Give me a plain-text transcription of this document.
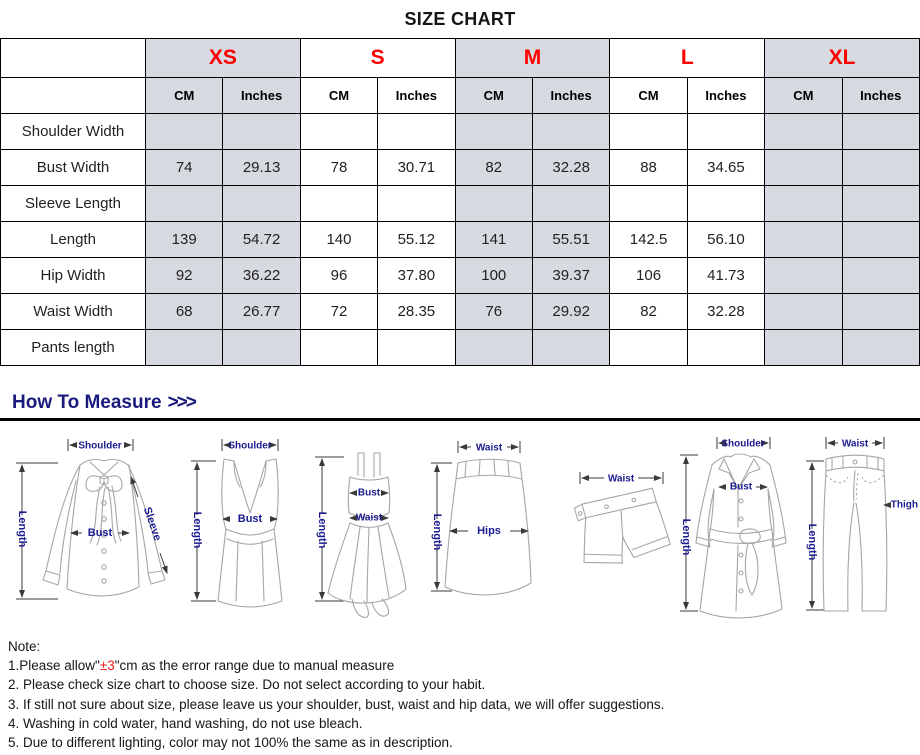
SIZE CHART
	XS		S		M		L		XL	
	CM	Inches	CM	Inches	CM	Inches	CM	Inches	CM	Inches
Shoulder Width										
Bust Width	74	29.13	78	30.71	82	32.28	88	34.65		
Sleeve Length										
Length	139	54.72	140	55.12	141	55.51	142.5	56.10		
Hip Width	92	36.22	96	37.80	100	39.37	106	41.73		
Waist Width	68	26.77	72	28.35	76	29.92	82	32.28		
Pants length										
How To Measure >>>
Shoulder
Length	Bust	Sleeve
Shoulder
Length	Bust	Length
Bust
Waist
Waist
Length	Hips
Waist
Shoulder
Length
Bust
Waist
Length
Thigh

Note:

1.Please allow"±3"cm as the error range due to manual measure

2. Please check size chart to choose size. Do not select according to your habit.

3. If still not sure about size, please leave us your shoulder, bust, waist and hip data, we will offer suggestions.

4. Washing in cold water, hand washing, do not use bleach.

5. Due to different lighting, color may not 100% the same as in description.
